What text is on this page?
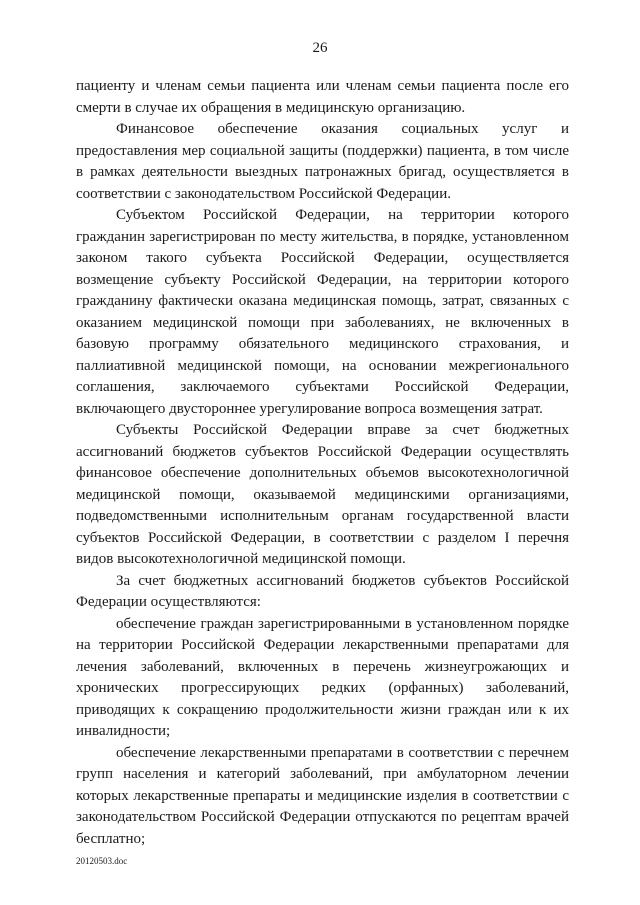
26

пациенту и членам семьи пациента или членам семьи пациента после его смерти в случае их обращения в медицинскую организацию.

Финансовое обеспечение оказания социальных услуг и предоставления мер социальной защиты (поддержки) пациента, в том числе в рамках деятельности выездных патронажных бригад, осуществляется в соответствии с законодательством Российской Федерации.

Субъектом Российской Федерации, на территории которого гражданин зарегистрирован по месту жительства, в порядке, установленном законом такого субъекта Российской Федерации, осуществляется возмещение субъекту Российской Федерации, на территории которого гражданину фактически оказана медицинская помощь, затрат, связанных с оказанием медицинской помощи при заболеваниях, не включенных в базовую программу обязательного медицинского страхования, и паллиативной медицинской помощи, на основании межрегионального соглашения, заключаемого субъектами Российской Федерации, включающего двустороннее урегулирование вопроса возмещения затрат.

Субъекты Российской Федерации вправе за счет бюджетных ассигнований бюджетов субъектов Российской Федерации осуществлять финансовое обеспечение дополнительных объемов высокотехнологичной медицинской помощи, оказываемой медицинскими организациями, подведомственными исполнительным органам государственной власти субъектов Российской Федерации, в соответствии с разделом I перечня видов высокотехнологичной медицинской помощи.

За счет бюджетных ассигнований бюджетов субъектов Российской Федерации осуществляются:

обеспечение граждан зарегистрированными в установленном порядке на территории Российской Федерации лекарственными препаратами для лечения заболеваний, включенных в перечень жизнеугрожающих и хронических прогрессирующих редких (орфанных) заболеваний, приводящих к сокращению продолжительности жизни граждан или к их инвалидности;

обеспечение лекарственными препаратами в соответствии с перечнем групп населения и категорий заболеваний, при амбулаторном лечении которых лекарственные препараты и медицинские изделия в соответствии с законодательством Российской Федерации отпускаются по рецептам врачей бесплатно;

20120503.doc
